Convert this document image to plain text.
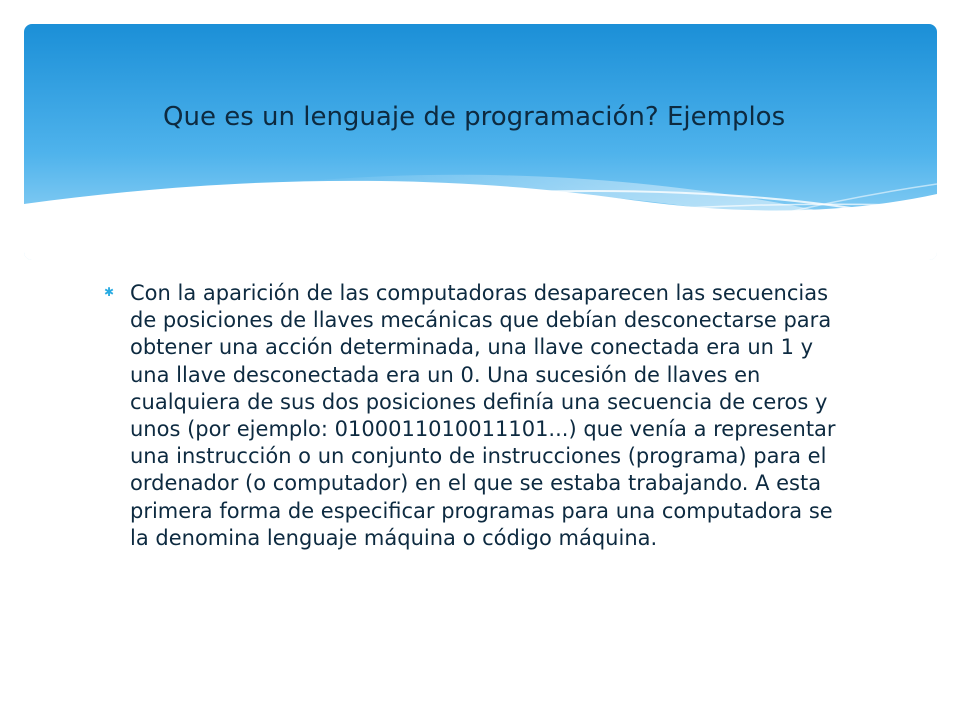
Que es un lenguaje de programación? Ejemplos
✱ Con la aparición de las computadoras desaparecen las secuencias de posiciones de llaves mecánicas que debían desconectarse para obtener una acción determinada, una llave conectada era un 1 y una llave desconectada era un 0. Una sucesión de llaves en cualquiera de sus dos posiciones definía una secuencia de ceros y unos (por ejemplo: 0100011010011101...) que venía a representar una instrucción o un conjunto de instrucciones (programa) para el ordenador (o computador) en el que se estaba trabajando. A esta primera forma de especificar programas para una computadora se la denomina lenguaje máquina o código máquina.
